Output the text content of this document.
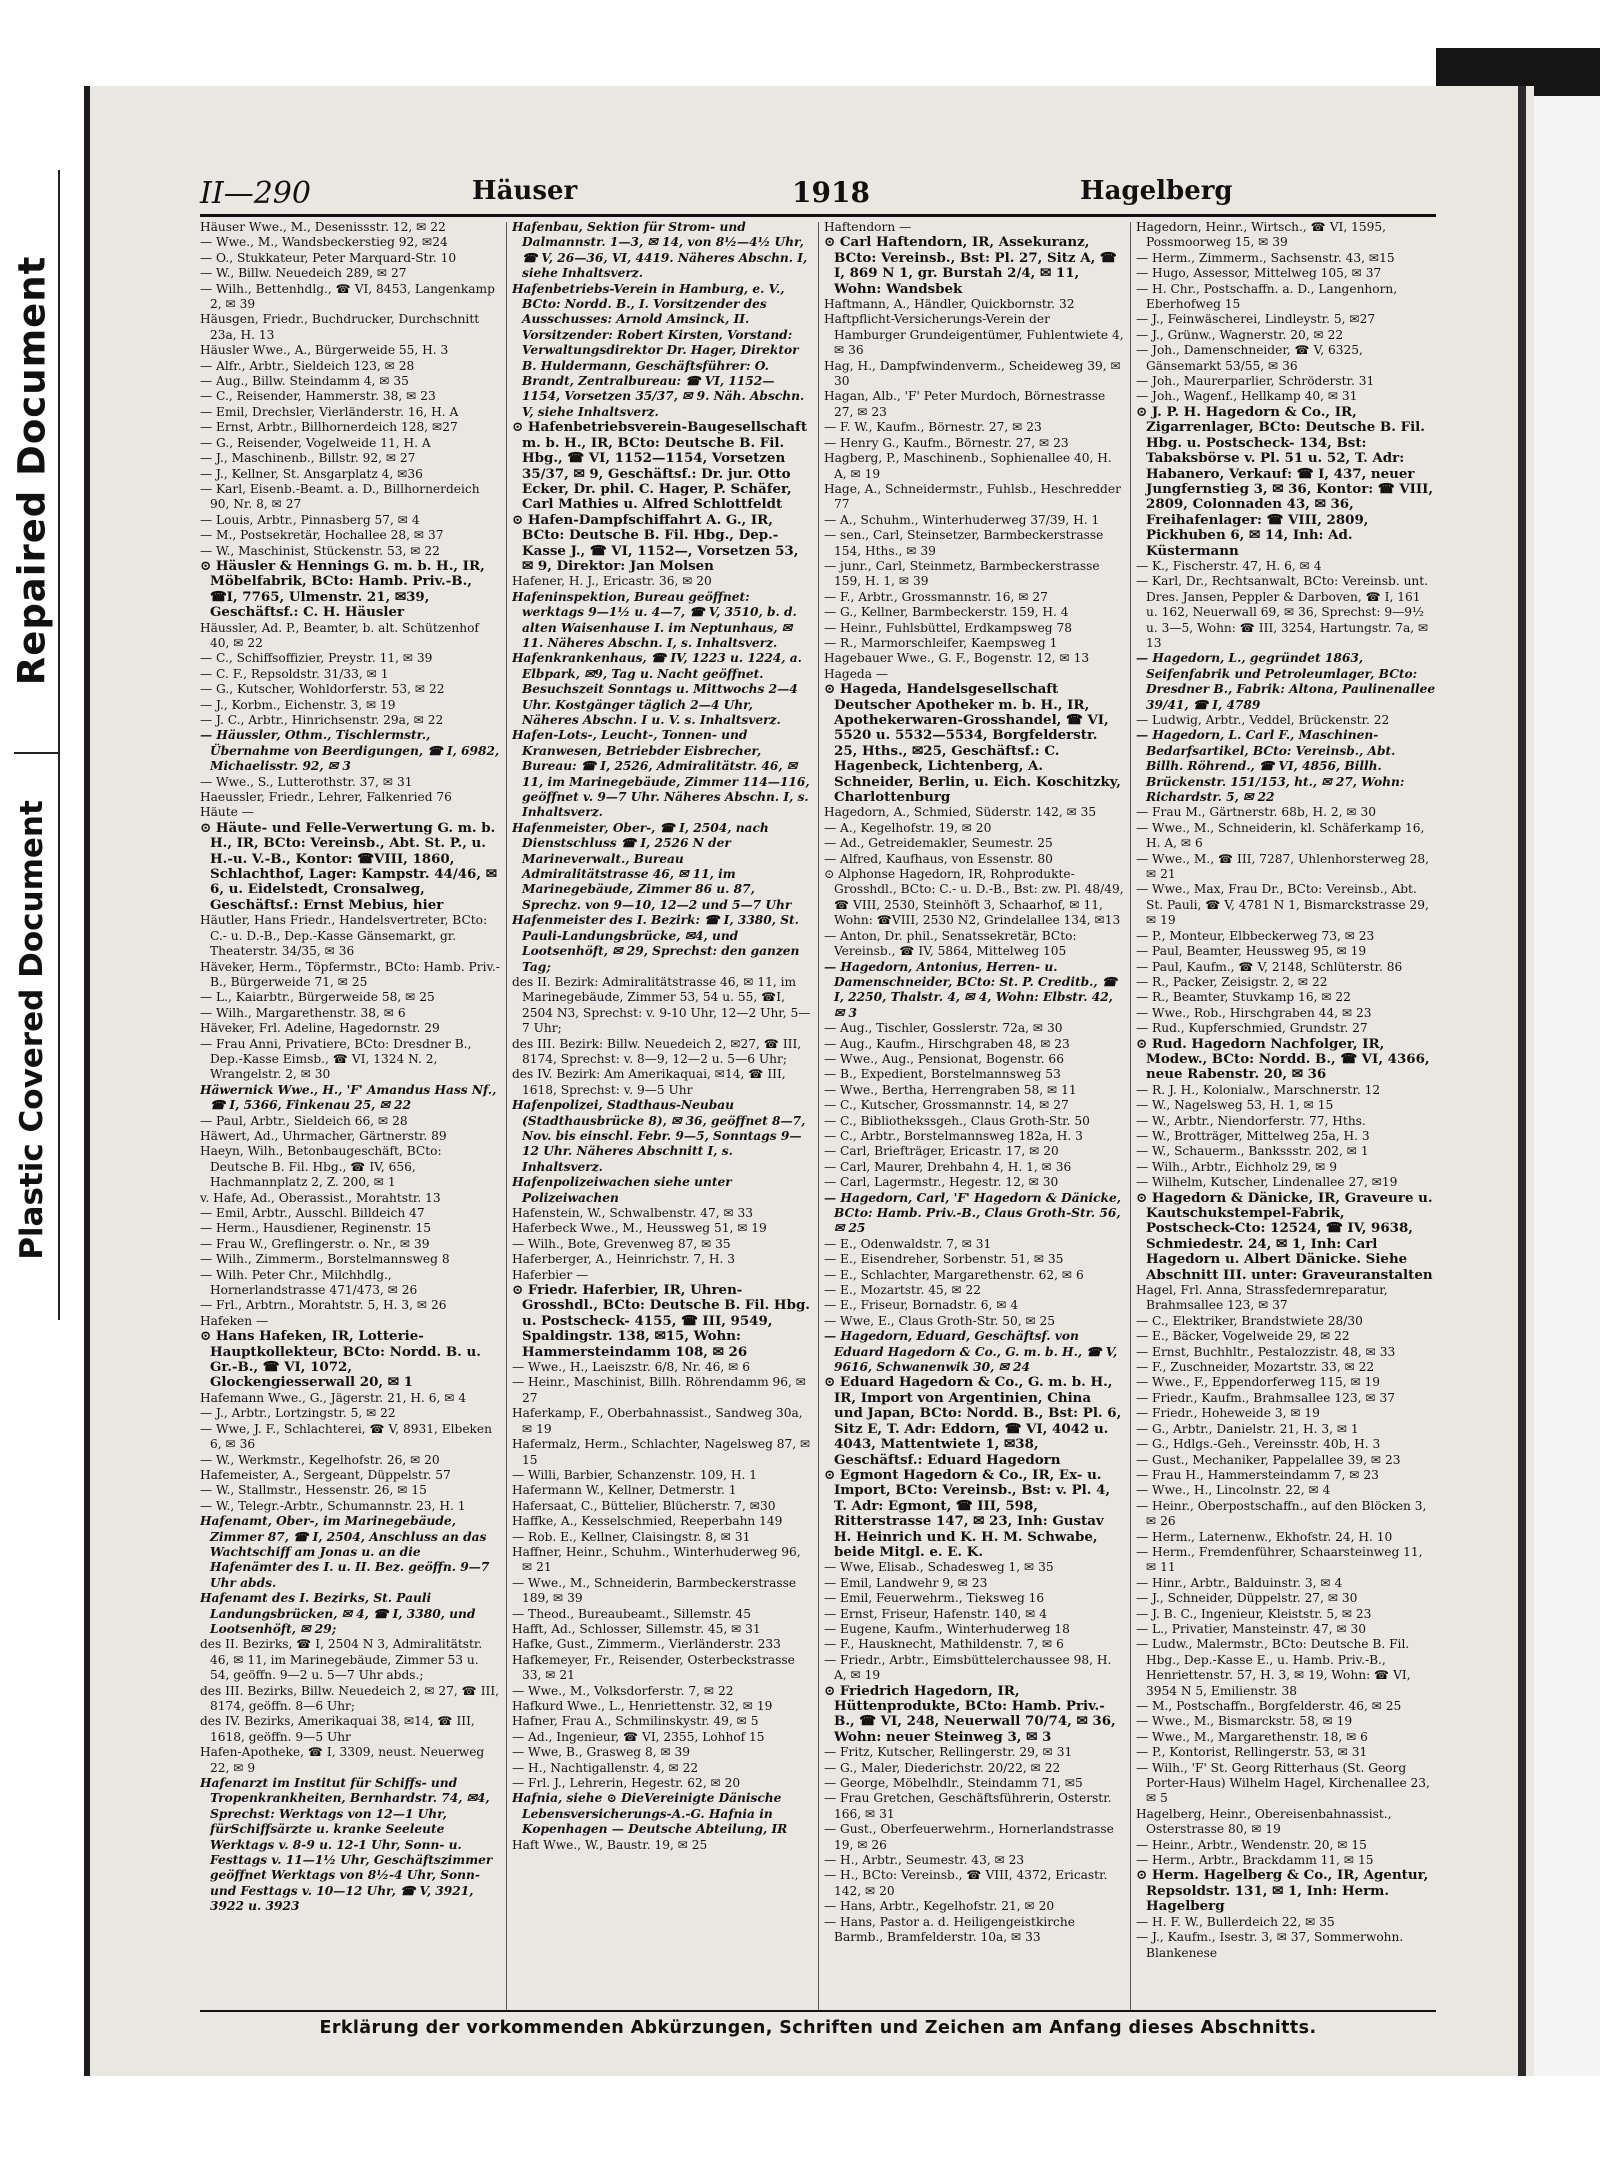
Repaired Document
Plastic Covered Document
II—290	Häuser	1918	Hagelberg

Häuser Wwe., M., Desenissstr. 12, ✉ 22

— Wwe., M., Wandsbeckerstieg 92, ✉24

— O., Stukkateur, Peter Marquard-Str. 10

— W., Billw. Neuedeich 289, ✉ 27

— Wilh., Bettenhdlg., ☎ VI, 8453, Langenkamp 2, ✉ 39

Häusgen, Friedr., Buchdrucker, Durchschnitt 23a, H. 13

Häusler Wwe., A., Bürgerweide 55, H. 3

— Alfr., Arbtr., Sieldeich 123, ✉ 28

— Aug., Billw. Steindamm 4, ✉ 35

— C., Reisender, Hammerstr. 38, ✉ 23

— Emil, Drechsler, Vierländerstr. 16, H. A

— Ernst, Arbtr., Billhornerdeich 128, ✉27

— G., Reisender, Vogelweide 11, H. A

— J., Maschinenb., Billstr. 92, ✉ 27

— J., Kellner, St. Ansgarplatz 4, ✉36

— Karl, Eisenb.-Beamt. a. D., Billhornerdeich 90, Nr. 8, ✉ 27

— Louis, Arbtr., Pinnasberg 57, ✉ 4

— M., Postsekretär, Hochallee 28, ✉ 37

— W., Maschinist, Stückenstr. 53, ✉ 22

⊙ Häusler & Hennings G. m. b. H., IR, Möbelfabrik, BCto: Hamb. Priv.-B., ☎I, 7765, Ulmenstr. 21, ✉39, Geschäftsf.: C. H. Häusler

Häussler, Ad. P., Beamter, b. alt. Schützenhof 40, ✉ 22

— C., Schiffsoffizier, Preystr. 11, ✉ 39

— C. F., Repsoldstr. 31/33, ✉ 1

— G., Kutscher, Wohldorferstr. 53, ✉ 22

— J., Korbm., Eichenstr. 3, ✉ 19

— J. C., Arbtr., Hinrichsenstr. 29a, ✉ 22

— Häussler, Othm., Tischlermstr., Übernahme von Beerdigungen, ☎ I, 6982, Michaelisstr. 92, ✉ 3

— Wwe., S., Lutterothstr. 37, ✉ 31

Haeussler, Friedr., Lehrer, Falkenried 76

Häute —

⊙ Häute- und Felle-Verwertung G. m. b. H., IR, BCto: Vereinsb., Abt. St. P., u. H.-u. V.-B., Kontor: ☎VIII, 1860, Schlachthof, Lager: Kampstr. 44/46, ✉ 6, u. Eidelstedt, Cronsalweg, Geschäftsf.: Ernst Mebius, hier

Häutler, Hans Friedr., Handelsvertreter, BCto: C.- u. D.-B., Dep.-Kasse Gänsemarkt, gr. Theaterstr. 34/35, ✉ 36

Häveker, Herm., Töpfermstr., BCto: Hamb. Priv.-B., Bürgerweide 71, ✉ 25

— L., Kaiarbtr., Bürgerweide 58, ✉ 25

— Wilh., Margarethenstr. 38, ✉ 6

Häveker, Frl. Adeline, Hagedornstr. 29

— Frau Anni, Privatiere, BCto: Dresdner B., Dep.-Kasse Eimsb., ☎ VI, 1324 N. 2, Wrangelstr. 2, ✉ 30

Häwernick Wwe., H., 'F' Amandus Hass Nf., ☎ I, 5366, Finkenau 25, ✉ 22

— Paul, Arbtr., Sieldeich 66, ✉ 28

Häwert, Ad., Uhrmacher, Gärtnerstr. 89

Haeyn, Wilh., Betonbaugeschäft, BCto: Deutsche B. Fil. Hbg., ☎ IV, 656, Hachmannplatz 2, Z. 200, ✉ 1

v. Hafe, Ad., Oberassist., Morahtstr. 13

— Emil, Arbtr., Ausschl. Billdeich 47

— Herm., Hausdiener, Reginenstr. 15

— Frau W., Greflingerstr. o. Nr., ✉ 39

— Wilh., Zimmerm., Borstelmannsweg 8

— Wilh. Peter Chr., Milchhdlg., Hornerlandstrasse 471/473, ✉ 26

— Frl., Arbtrn., Morahtstr. 5, H. 3, ✉ 26

Hafeken —

⊙ Hans Hafeken, IR, Lotterie-Hauptkollekteur, BCto: Nordd. B. u. Gr.-B., ☎ VI, 1072, Glockengiesserwall 20, ✉ 1

Hafemann Wwe., G., Jägerstr. 21, H. 6, ✉ 4

— J., Arbtr., Lortzingstr. 5, ✉ 22

— Wwe, J. F., Schlachterei, ☎ V, 8931, Elbeken 6, ✉ 36

— W., Werkmstr., Kegelhofstr. 26, ✉ 20

Hafemeister, A., Sergeant, Düppelstr. 57

— W., Stallmstr., Hessenstr. 26, ✉ 15

— W., Telegr.-Arbtr., Schumannstr. 23, H. 1

Hafenamt, Ober-, im Marinegebäude, Zimmer 87, ☎ I, 2504, Anschluss an das Wachtschiff am Jonas u. an die Hafenämter des I. u. II. Bez. geöffn. 9—7 Uhr abds.

Hafenamt des I. Bezirks, St. Pauli Landungsbrücken, ✉ 4, ☎ I, 3380, und Lootsenhöft, ✉ 29;

des II. Bezirks, ☎ I, 2504 N 3, Admiralitätstr. 46, ✉ 11, im Marinegebäude, Zimmer 53 u. 54, geöffn. 9—2 u. 5—7 Uhr abds.;

des III. Bezirks, Billw. Neuedeich 2, ✉ 27, ☎ III, 8174, geöffn. 8—6 Uhr;

des IV. Bezirks, Amerikaquai 38, ✉14, ☎ III, 1618, geöffn. 9—5 Uhr

Hafen-Apotheke, ☎ I, 3309, neust. Neuerweg 22, ✉ 9

Hafenarzt im Institut für Schiffs- und Tropenkrankheiten, Bernhardstr. 74, ✉4, Sprechst: Werktags von 12—1 Uhr, fürSchiffsärzte u. kranke Seeleute Werktags v. 8-9 u. 12-1 Uhr, Sonn- u. Festtags v. 11—1½ Uhr, Geschäftszimmer geöffnet Werktags von 8½-4 Uhr, Sonn- und Festtags v. 10—12 Uhr, ☎ V, 3921, 3922 u. 3923

Hafenbau, Sektion für Strom- und Dalmannstr. 1—3, ✉ 14, von 8½—4½ Uhr, ☎ V, 26—36, VI, 4419. Näheres Abschn. I, siehe Inhaltsverz.

Hafenbetriebs-Verein in Hamburg, e. V., BCto: Nordd. B., I. Vorsitzender des Ausschusses: Arnold Amsinck, II. Vorsitzender: Robert Kirsten, Vorstand: Verwaltungsdirektor Dr. Hager, Direktor B. Huldermann, Geschäftsführer: O. Brandt, Zentralbureau: ☎ VI, 1152—1154, Vorsetzen 35/37, ✉ 9. Näh. Abschn. V, siehe Inhaltsverz.

⊙ Hafenbetriebsverein-Baugesellschaft m. b. H., IR, BCto: Deutsche B. Fil. Hbg., ☎ VI, 1152—1154, Vorsetzen 35/37, ✉ 9, Geschäftsf.: Dr. jur. Otto Ecker, Dr. phil. C. Hager, P. Schäfer, Carl Mathies u. Alfred Schlottfeldt

⊙ Hafen-Dampfschiffahrt A. G., IR, BCto: Deutsche B. Fil. Hbg., Dep.-Kasse J., ☎ VI, 1152—, Vorsetzen 53, ✉ 9, Direktor: Jan Molsen

Hafener, H. J., Ericastr. 36, ✉ 20

Hafeninspektion, Bureau geöffnet: werktags 9—1½ u. 4—7, ☎ V, 3510, b. d. alten Waisenhause I. im Neptunhaus, ✉ 11. Näheres Abschn. I, s. Inhaltsverz.

Hafenkrankenhaus, ☎ IV, 1223 u. 1224, a. Elbpark, ✉9, Tag u. Nacht geöffnet. Besuchszeit Sonntags u. Mittwochs 2—4 Uhr. Kostgänger täglich 2—4 Uhr, Näheres Abschn. I u. V. s. Inhaltsverz.

Hafen-Lots-, Leucht-, Tonnen- und Kranwesen, Betriebder Eisbrecher, Bureau: ☎ I, 2526, Admiralitätstr. 46, ✉ 11, im Marinegebäude, Zimmer 114—116, geöffnet v. 9—7 Uhr. Näheres Abschn. I, s. Inhaltsverz.

Hafenmeister, Ober-, ☎ I, 2504, nach Dienstschluss ☎ I, 2526 N der Marineverwalt., Bureau Admiralitätstrasse 46, ✉ 11, im Marinegebäude, Zimmer 86 u. 87, Sprechz. von 9—10, 12—2 und 5—7 Uhr

Hafenmeister des I. Bezirk: ☎ I, 3380, St. Pauli-Landungsbrücke, ✉4, und Lootsenhöft, ✉ 29, Sprechst: den ganzen Tag;

des II. Bezirk: Admiralitätstrasse 46, ✉ 11, im Marinegebäude, Zimmer 53, 54 u. 55, ☎I, 2504 N3, Sprechst: v. 9-10 Uhr, 12—2 Uhr, 5—7 Uhr;

des III. Bezirk: Billw. Neuedeich 2, ✉27, ☎ III, 8174, Sprechst: v. 8—9, 12—2 u. 5—6 Uhr;

des IV. Bezirk: Am Amerikaquai, ✉14, ☎ III, 1618, Sprechst: v. 9—5 Uhr

Hafenpolizei, Stadthaus-Neubau (Stadthausbrücke 8), ✉ 36, geöffnet 8—7, Nov. bis einschl. Febr. 9—5, Sonntags 9—12 Uhr. Näheres Abschnitt I, s. Inhaltsverz.

Hafenpolizeiwachen siehe unter Polizeiwachen

Hafenstein, W., Schwalbenstr. 47, ✉ 33

Haferbeck Wwe., M., Heussweg 51, ✉ 19

— Wilh., Bote, Grevenweg 87, ✉ 35

Haferberger, A., Heinrichstr. 7, H. 3

Haferbier —

⊙ Friedr. Haferbier, IR, Uhren-Grosshdl., BCto: Deutsche B. Fil. Hbg. u. Postscheck- 4155, ☎ III, 9549, Spaldingstr. 138, ✉15, Wohn: Hammersteindamm 108, ✉ 26

— Wwe., H., Laeiszstr. 6/8, Nr. 46, ✉ 6

— Heinr., Maschinist, Billh. Röhrendamm 96, ✉ 27

Haferkamp, F., Oberbahnassist., Sandweg 30a, ✉ 19

Hafermalz, Herm., Schlachter, Nagelsweg 87, ✉ 15

— Willi, Barbier, Schanzenstr. 109, H. 1

Hafermann W., Kellner, Detmerstr. 1

Hafersaat, C., Büttelier, Blücherstr. 7, ✉30

Haffke, A., Kesselschmied, Reeperbahn 149

— Rob. E., Kellner, Claisingstr. 8, ✉ 31

Haffner, Heinr., Schuhm., Winterhuderweg 96, ✉ 21

— Wwe., M., Schneiderin, Barmbeckerstrasse 189, ✉ 39

— Theod., Bureaubeamt., Sillemstr. 45

Hafft, Ad., Schlosser, Sillemstr. 45, ✉ 31

Hafke, Gust., Zimmerm., Vierländerstr. 233

Hafkemeyer, Fr., Reisender, Osterbeckstrasse 33, ✉ 21

— Wwe., M., Volksdorferstr. 7, ✉ 22

Hafkurd Wwe., L., Henriettenstr. 32, ✉ 19

Hafner, Frau A., Schmilinskystr. 49, ✉ 5

— Ad., Ingenieur, ☎ VI, 2355, Lohhof 15

— Wwe, B., Grasweg 8, ✉ 39

— H., Nachtigallenstr. 4, ✉ 22

— Frl. J., Lehrerin, Hegestr. 62, ✉ 20

Hafnia, siehe ⊙ DieVereinigte Dänische Lebensversicherungs-A.-G. Hafnia in Kopenhagen — Deutsche Abteilung, IR

Haft Wwe., W., Baustr. 19, ✉ 25

Haftendorn —

⊙ Carl Haftendorn, IR, Assekuranz, BCto: Vereinsb., Bst: Pl. 27, Sitz A, ☎ I, 869 N 1, gr. Burstah 2/4, ✉ 11, Wohn: Wandsbek

Haftmann, A., Händler, Quickbornstr. 32

Haftpflicht-Versicherungs-Verein der Hamburger Grundeigentümer, Fuhlentwiete 4, ✉ 36

Hag, H., Dampfwindenverm., Scheideweg 39, ✉ 30

Hagan, Alb., 'F' Peter Murdoch, Börnestrasse 27, ✉ 23

— F. W., Kaufm., Börnestr. 27, ✉ 23

— Henry G., Kaufm., Börnestr. 27, ✉ 23

Hagberg, P., Maschinenb., Sophienallee 40, H. A, ✉ 19

Hage, A., Schneidermstr., Fuhlsb., Heschredder 77

— A., Schuhm., Winterhuderweg 37/39, H. 1

— sen., Carl, Steinsetzer, Barmbeckerstrasse 154, Hths., ✉ 39

— junr., Carl, Steinmetz, Barmbeckerstrasse 159, H. 1, ✉ 39

— F., Arbtr., Grossmannstr. 16, ✉ 27

— G., Kellner, Barmbeckerstr. 159, H. 4

— Heinr., Fuhlsbüttel, Erdkampsweg 78

— R., Marmorschleifer, Kaempsweg 1

Hagebauer Wwe., G. F., Bogenstr. 12, ✉ 13

Hageda —

⊙ Hageda, Handelsgesellschaft Deutscher Apotheker m. b. H., IR, Apothekerwaren-Grosshandel, ☎ VI, 5520 u. 5532—5534, Borgfelderstr. 25, Hths., ✉25, Geschäftsf.: C. Hagenbeck, Lichtenberg, A. Schneider, Berlin, u. Eich. Koschitzky, Charlottenburg

Hagedorn, A., Schmied, Süderstr. 142, ✉ 35

— A., Kegelhofstr. 19, ✉ 20

— Ad., Getreidemakler, Seumestr. 25

— Alfred, Kaufhaus, von Essenstr. 80

⊙ Alphonse Hagedorn, IR, Rohprodukte-Grosshdl., BCto: C.- u. D.-B., Bst: zw. Pl. 48/49, ☎ VIII, 2530, Steinhöft 3, Schaarhof, ✉ 11, Wohn: ☎VIII, 2530 N2, Grindelallee 134, ✉13

— Anton, Dr. phil., Senatssekretär, BCto: Vereinsb., ☎ IV, 5864, Mittelweg 105

— Hagedorn, Antonius, Herren- u. Damenschneider, BCto: St. P. Creditb., ☎ I, 2250, Thalstr. 4, ✉ 4, Wohn: Elbstr. 42, ✉ 3

— Aug., Tischler, Gosslerstr. 72a, ✉ 30

— Aug., Kaufm., Hirschgraben 48, ✉ 23

— Wwe., Aug., Pensionat, Bogenstr. 66

— B., Expedient, Borstelmannsweg 53

— Wwe., Bertha, Herrengraben 58, ✉ 11

— C., Kutscher, Grossmannstr. 14, ✉ 27

— C., Bibliothekssgeh., Claus Groth-Str. 50

— C., Arbtr., Borstelmannsweg 182a, H. 3

— Carl, Briefträger, Ericastr. 17, ✉ 20

— Carl, Maurer, Drehbahn 4, H. 1, ✉ 36

— Carl, Lagermstr., Hegestr. 12, ✉ 30

— Hagedorn, Carl, 'F' Hagedorn & Dänicke, BCto: Hamb. Priv.-B., Claus Groth-Str. 56, ✉ 25

— E., Odenwaldstr. 7, ✉ 31

— E., Eisendreher, Sorbenstr. 51, ✉ 35

— E., Schlachter, Margarethenstr. 62, ✉ 6

— E., Mozartstr. 45, ✉ 22

— E., Friseur, Bornadstr. 6, ✉ 4

— Wwe, E., Claus Groth-Str. 50, ✉ 25

— Hagedorn, Eduard, Geschäftsf. von Eduard Hagedorn & Co., G. m. b. H., ☎ V, 9616, Schwanenwik 30, ✉ 24

⊙ Eduard Hagedorn & Co., G. m. b. H., IR, Import von Argentinien, China und Japan, BCto: Nordd. B., Bst: Pl. 6, Sitz E, T. Adr: Eddorn, ☎ VI, 4042 u. 4043, Mattentwiete 1, ✉38, Geschäftsf.: Eduard Hagedorn

⊙ Egmont Hagedorn & Co., IR, Ex- u. Import, BCto: Vereinsb., Bst: v. Pl. 4, T. Adr: Egmont, ☎ III, 598, Ritterstrasse 147, ✉ 23, Inh: Gustav H. Heinrich und K. H. M. Schwabe, beide Mitgl. e. E. K.

— Wwe, Elisab., Schadesweg 1, ✉ 35

— Emil, Landwehr 9, ✉ 23

— Emil, Feuerwehrm., Tieksweg 16

— Ernst, Friseur, Hafenstr. 140, ✉ 4

— Eugene, Kaufm., Winterhuderweg 18

— F., Hausknecht, Mathildenstr. 7, ✉ 6

— Friedr., Arbtr., Eimsbüttelerchaussee 98, H. A, ✉ 19

⊙ Friedrich Hagedorn, IR, Hüttenprodukte, BCto: Hamb. Priv.-B., ☎ VI, 248, Neuerwall 70/74, ✉ 36, Wohn: neuer Steinweg 3, ✉ 3

— Fritz, Kutscher, Rellingerstr. 29, ✉ 31

— G., Maler, Diederichstr. 20/22, ✉ 22

— George, Möbelhdlr., Steindamm 71, ✉5

— Frau Gretchen, Geschäftsführerin, Osterstr. 166, ✉ 31

— Gust., Oberfeuerwehrm., Hornerlandstrasse 19, ✉ 26

— H., Arbtr., Seumestr. 43, ✉ 23

— H., BCto: Vereinsb., ☎ VIII, 4372, Ericastr. 142, ✉ 20

— Hans, Arbtr., Kegelhofstr. 21, ✉ 20

— Hans, Pastor a. d. Heiligengeistkirche Barmb., Bramfelderstr. 10a, ✉ 33

Hagedorn, Heinr., Wirtsch., ☎ VI, 1595, Possmoorweg 15, ✉ 39

— Herm., Zimmerm., Sachsenstr. 43, ✉15

— Hugo, Assessor, Mittelweg 105, ✉ 37

— H. Chr., Postschaffn. a. D., Langenhorn, Eberhofweg 15

— J., Feinwäscherei, Lindleystr. 5, ✉27

— J., Grünw., Wagnerstr. 20, ✉ 22

— Joh., Damenschneider, ☎ V, 6325, Gänsemarkt 53/55, ✉ 36

— Joh., Maurerparlier, Schröderstr. 31

— Joh., Wagenf., Hellkamp 40, ✉ 31

⊙ J. P. H. Hagedorn & Co., IR, Zigarrenlager, BCto: Deutsche B. Fil. Hbg. u. Postscheck- 134, Bst: Tabaksbörse v. Pl. 51 u. 52, T. Adr: Habanero, Verkauf: ☎ I, 437, neuer Jungfernstieg 3, ✉ 36, Kontor: ☎ VIII, 2809, Colonnaden 43, ✉ 36, Freihafenlager: ☎ VIII, 2809, Pickhuben 6, ✉ 14, Inh: Ad. Küstermann

— K., Fischerstr. 47, H. 6, ✉ 4

— Karl, Dr., Rechtsanwalt, BCto: Vereinsb. unt. Dres. Jansen, Peppler & Darboven, ☎ I, 161 u. 162, Neuerwall 69, ✉ 36, Sprechst: 9—9½ u. 3—5, Wohn: ☎ III, 3254, Hartungstr. 7a, ✉ 13

— Hagedorn, L., gegründet 1863, Seifenfabrik und Petroleumlager, BCto: Dresdner B., Fabrik: Altona, Paulinenallee 39/41, ☎ I, 4789

— Ludwig, Arbtr., Veddel, Brückenstr. 22

— Hagedorn, L. Carl F., Maschinen-Bedarfsartikel, BCto: Vereinsb., Abt. Billh. Röhrend., ☎ VI, 4856, Billh. Brückenstr. 151/153, ht., ✉ 27, Wohn: Richardstr. 5, ✉ 22

— Frau M., Gärtnerstr. 68b, H. 2, ✉ 30

— Wwe., M., Schneiderin, kl. Schäferkamp 16, H. A, ✉ 6

— Wwe., M., ☎ III, 7287, Uhlenhorsterweg 28, ✉ 21

— Wwe., Max, Frau Dr., BCto: Vereinsb., Abt. St. Pauli, ☎ V, 4781 N 1, Bismarckstrasse 29, ✉ 19

— P., Monteur, Elbbeckerweg 73, ✉ 23

— Paul, Beamter, Heussweg 95, ✉ 19

— Paul, Kaufm., ☎ V, 2148, Schlüterstr. 86

— R., Packer, Zeisigstr. 2, ✉ 22

— R., Beamter, Stuvkamp 16, ✉ 22

— Wwe., Rob., Hirschgraben 44, ✉ 23

— Rud., Kupferschmied, Grundstr. 27

⊙ Rud. Hagedorn Nachfolger, IR, Modew., BCto: Nordd. B., ☎ VI, 4366, neue Rabenstr. 20, ✉ 36

— R. J. H., Kolonialw., Marschnerstr. 12

— W., Nagelsweg 53, H. 1, ✉ 15

— W., Arbtr., Niendorferstr. 77, Hths.

— W., Brotträger, Mittelweg 25a, H. 3

— W., Schauerm., Bankssstr. 202, ✉ 1

— Wilh., Arbtr., Eichholz 29, ✉ 9

— Wilhelm, Kutscher, Lindenallee 27, ✉19

⊙ Hagedorn & Dänicke, IR, Graveure u. Kautschukstempel-Fabrik, Postscheck-Cto: 12524, ☎ IV, 9638, Schmiedestr. 24, ✉ 1, Inh: Carl Hagedorn u. Albert Dänicke. Siehe Abschnitt III. unter: Graveuranstalten

Hagel, Frl. Anna, Strassfedernreparatur, Brahmsallee 123, ✉ 37

— C., Elektriker, Brandstwiete 28/30

— E., Bäcker, Vogelweide 29, ✉ 22

— Ernst, Buchhltr., Pestalozzistr. 48, ✉ 33

— F., Zuschneider, Mozartstr. 33, ✉ 22

— Wwe., F., Eppendorferweg 115, ✉ 19

— Friedr., Kaufm., Brahmsallee 123, ✉ 37

— Friedr., Hoheweide 3, ✉ 19

— G., Arbtr., Danielstr. 21, H. 3, ✉ 1

— G., Hdlgs.-Geh., Vereinsstr. 40b, H. 3

— Gust., Mechaniker, Pappelallee 39, ✉ 23

— Frau H., Hammersteindamm 7, ✉ 23

— Wwe., H., Lincolnstr. 22, ✉ 4

— Heinr., Oberpostschaffn., auf den Blöcken 3, ✉ 26

— Herm., Laternenw., Ekhofstr. 24, H. 10

— Herm., Fremdenführer, Schaarsteinweg 11, ✉ 11

— Hinr., Arbtr., Balduinstr. 3, ✉ 4

— J., Schneider, Düppelstr. 27, ✉ 30

— J. B. C., Ingenieur, Kleiststr. 5, ✉ 23

— L., Privatier, Mansteinstr. 47, ✉ 30

— Ludw., Malermstr., BCto: Deutsche B. Fil. Hbg., Dep.-Kasse E., u. Hamb. Priv.-B., Henriettenstr. 57, H. 3, ✉ 19, Wohn: ☎ VI, 3954 N 5, Emilienstr. 38

— M., Postschaffn., Borgfelderstr. 46, ✉ 25

— Wwe., M., Bismarckstr. 58, ✉ 19

— Wwe., M., Margarethenstr. 18, ✉ 6

— P., Kontorist, Rellingerstr. 53, ✉ 31

— Wilh., 'F' St. Georg Ritterhaus (St. Georg Porter-Haus) Wilhelm Hagel, Kirchenallee 23, ✉ 5

Hagelberg, Heinr., Obereisenbahnassist., Osterstrasse 80, ✉ 19

— Heinr., Arbtr., Wendenstr. 20, ✉ 15

— Herm., Arbtr., Brackdamm 11, ✉ 15

⊙ Herm. Hagelberg & Co., IR, Agentur, Repsoldstr. 131, ✉ 1, Inh: Herm. Hagelberg

— H. F. W., Bullerdeich 22, ✉ 35

— J., Kaufm., Isestr. 3, ✉ 37, Sommerwohn. Blankenese

Erklärung der vorkommenden Abkürzungen, Schriften und Zeichen am Anfang dieses Abschnitts.
